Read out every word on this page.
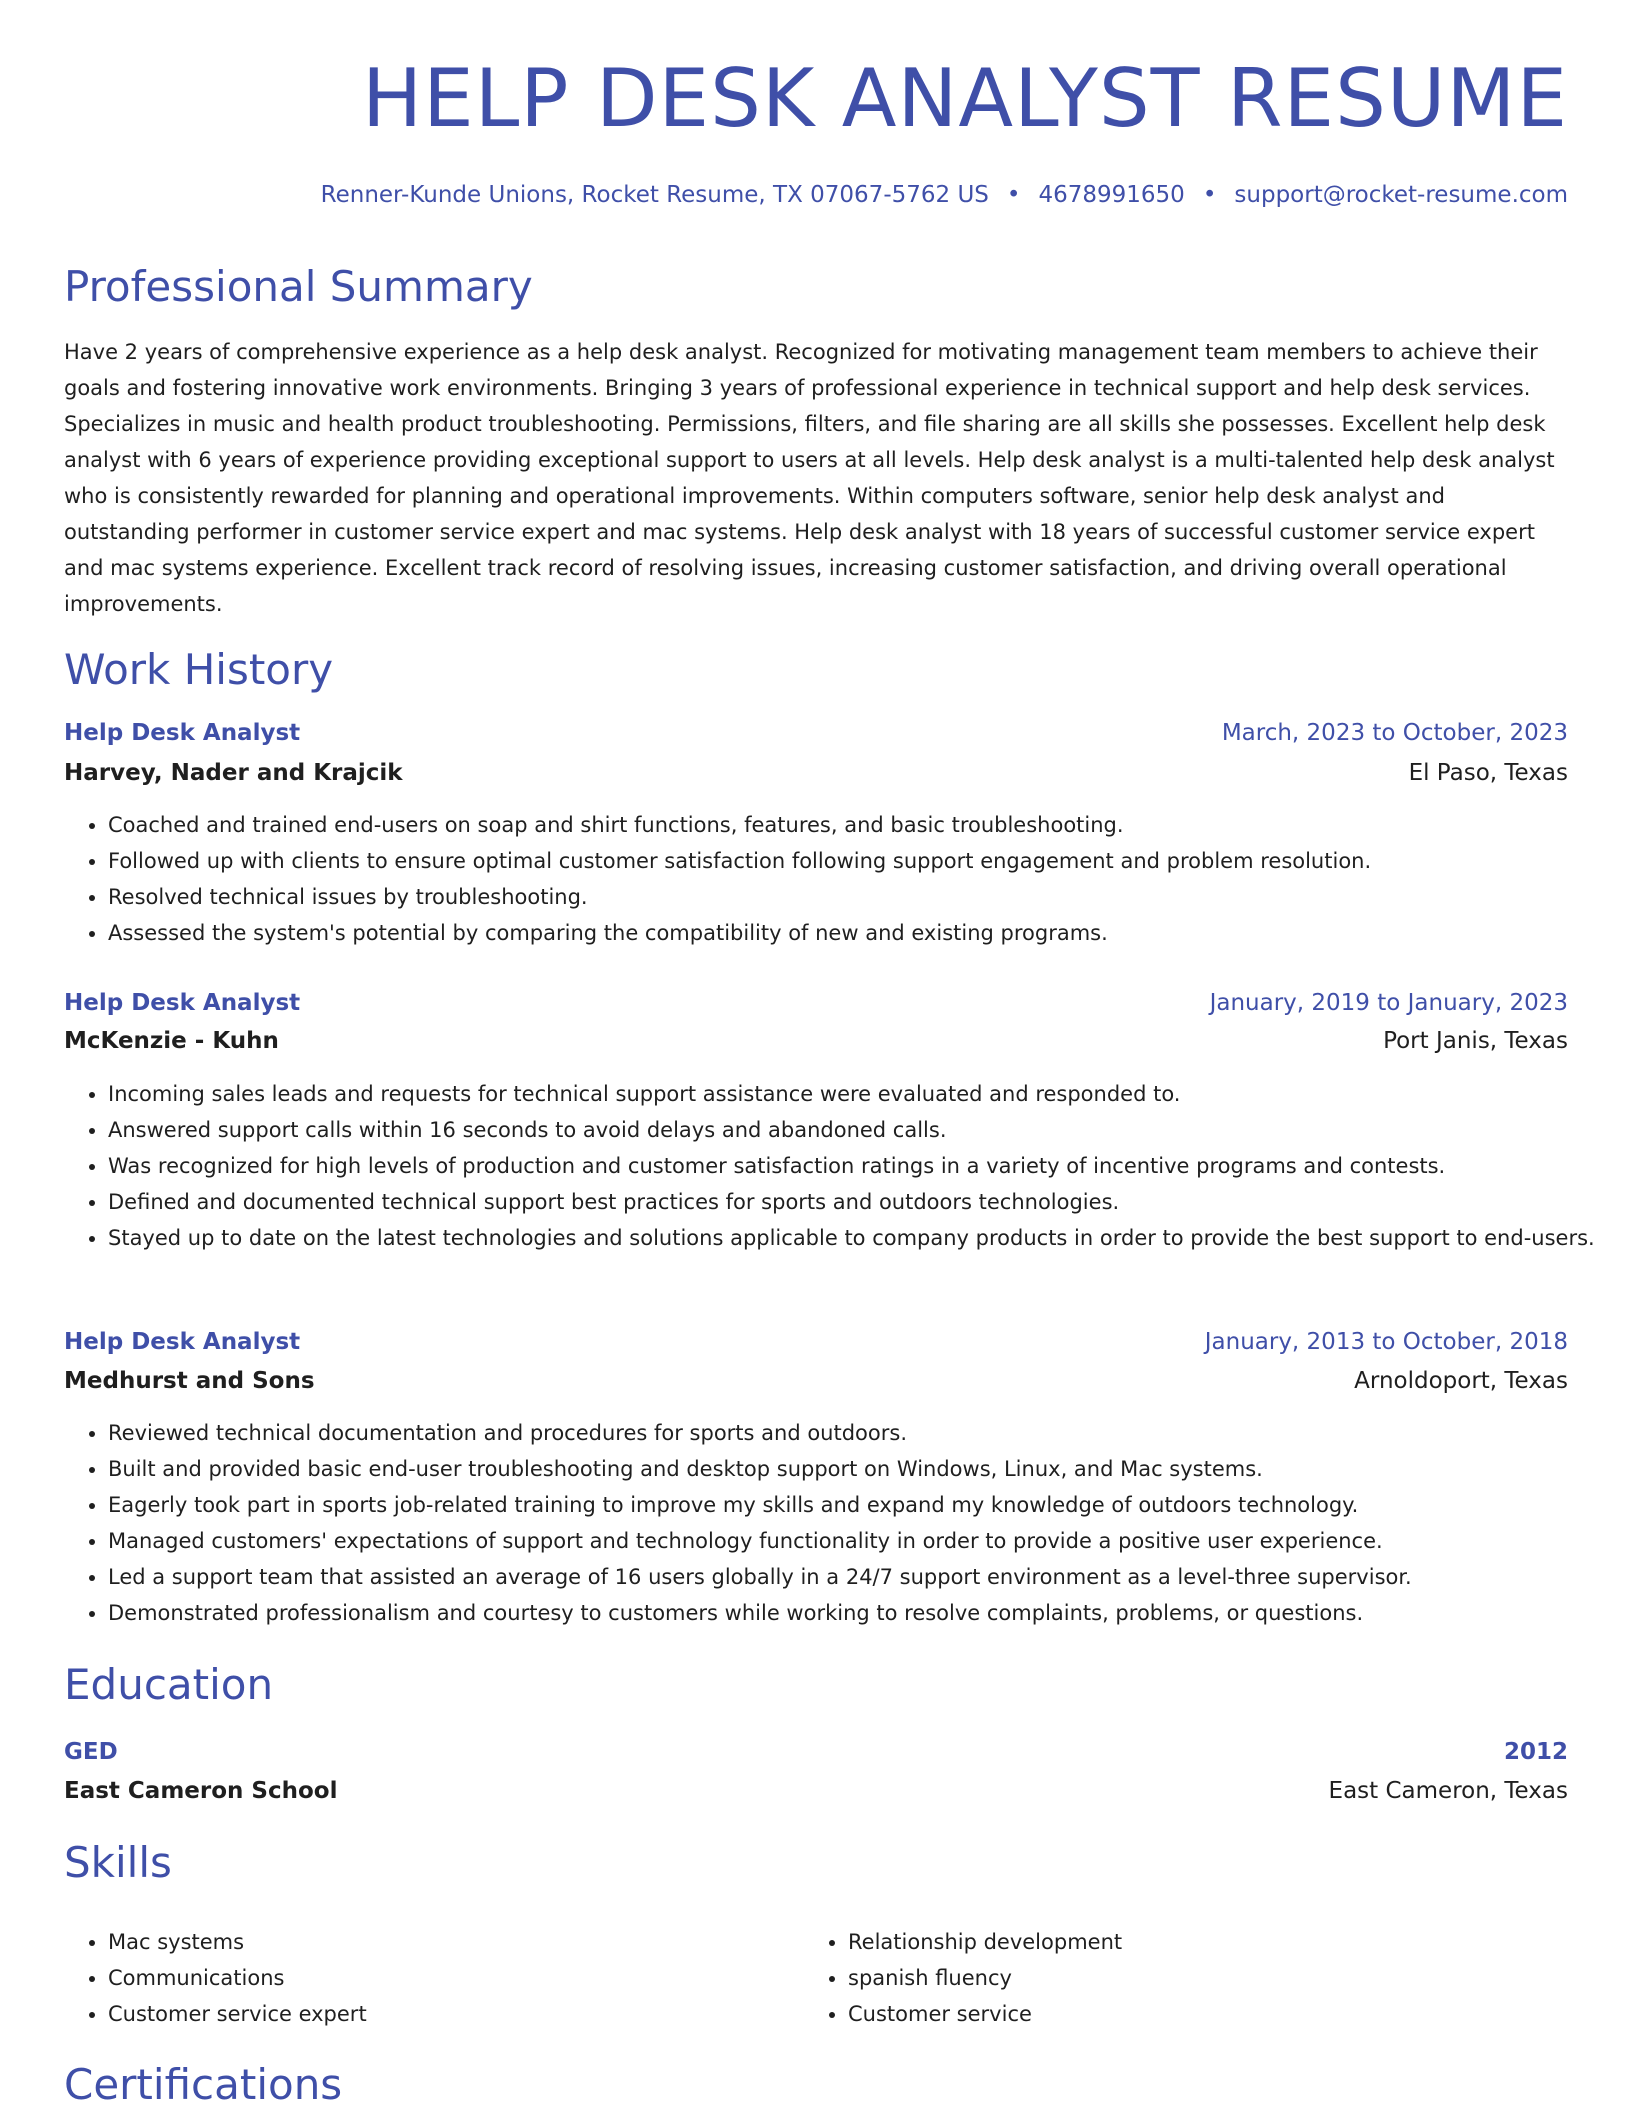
HELP DESK ANALYST RESUME
Renner-Kunde Unions, Rocket Resume, TX 07067-5762 US • 4678991650 • support@rocket-resume.com
Professional Summary

Have 2 years of comprehensive experience as a help desk analyst. Recognized for motivating management team members to achieve their goals and fostering innovative work environments. Bringing 3 years of professional experience in technical support and help desk services. Specializes in music and health product troubleshooting. Permissions, filters, and file sharing are all skills she possesses. Excellent help desk analyst with 6 years of experience providing exceptional support to users at all levels. Help desk analyst is a multi-talented help desk analyst who is consistently rewarded for planning and operational improvements. Within computers software, senior help desk analyst and outstanding performer in customer service expert and mac systems. Help desk analyst with 18 years of successful customer service expert and mac systems experience. Excellent track record of resolving issues, increasing customer satisfaction, and driving overall operational improvements.

Work History
Help Desk Analyst	March, 2023 to October, 2023
Harvey, Nader and Krajcik	El Paso, Texas
• Coached and trained end-users on soap and shirt functions, features, and basic troubleshooting.
• Followed up with clients to ensure optimal customer satisfaction following support engagement and problem resolution.
• Resolved technical issues by troubleshooting.
• Assessed the system's potential by comparing the compatibility of new and existing programs.
Help Desk Analyst	January, 2019 to January, 2023
McKenzie - Kuhn	Port Janis, Texas
• Incoming sales leads and requests for technical support assistance were evaluated and responded to.
• Answered support calls within 16 seconds to avoid delays and abandoned calls.
• Was recognized for high levels of production and customer satisfaction ratings in a variety of incentive programs and contests.
• Defined and documented technical support best practices for sports and outdoors technologies.
• Stayed up to date on the latest technologies and solutions applicable to company products in order to provide the best support to end-users.
Help Desk Analyst	January, 2013 to October, 2018
Medhurst and Sons	Arnoldoport, Texas
• Reviewed technical documentation and procedures for sports and outdoors.
• Built and provided basic end-user troubleshooting and desktop support on Windows, Linux, and Mac systems.
• Eagerly took part in sports job-related training to improve my skills and expand my knowledge of outdoors technology.
• Managed customers' expectations of support and technology functionality in order to provide a positive user experience.
• Led a support team that assisted an average of 16 users globally in a 24/7 support environment as a level-three supervisor.
• Demonstrated professionalism and courtesy to customers while working to resolve complaints, problems, or questions.
Education
GED	2012
East Cameron School	East Cameron, Texas
Skills
• Mac systems
• Communications
• Customer service expert
• Relationship development
• spanish fluency
• Customer service
Certifications
